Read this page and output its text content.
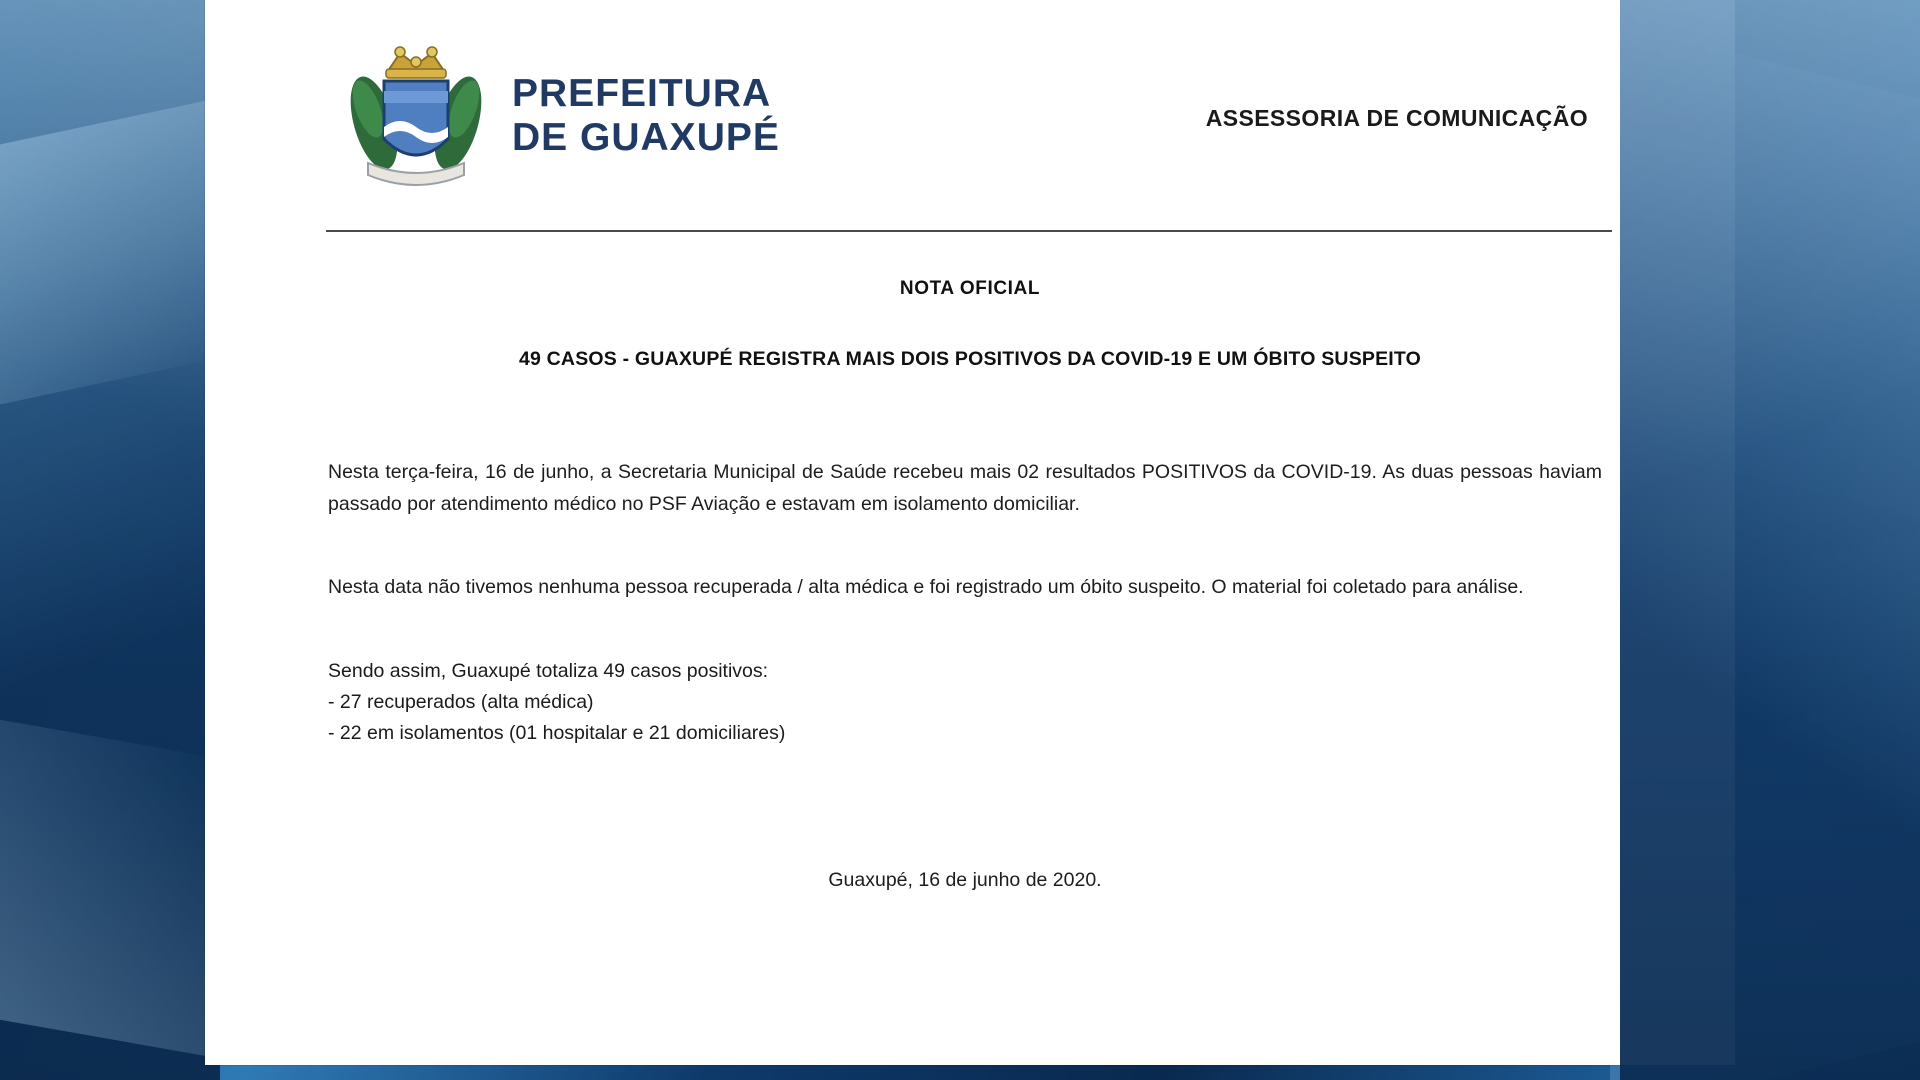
PREFEITURA
DE GUAXUPÉ	ASSESSORIA DE COMUNICAÇÃO
NOTA OFICIAL
49 CASOS - GUAXUPÉ REGISTRA MAIS DOIS POSITIVOS DA COVID-19 E UM ÓBITO SUSPEITO

Nesta terça-feira, 16 de junho, a Secretaria Municipal de Saúde recebeu mais 02 resultados POSITIVOS da COVID-19. As duas pessoas haviam passado por atendimento médico no PSF Aviação e estavam em isolamento domiciliar.

Nesta data não tivemos nenhuma pessoa recuperada / alta médica e foi registrado um óbito suspeito. O material foi coletado para análise.

Sendo assim, Guaxupé totaliza 49 casos positivos:

- 27 recuperados (alta médica)

- 22 em isolamentos (01 hospitalar e 21 domiciliares)

Guaxupé, 16 de junho de 2020.
